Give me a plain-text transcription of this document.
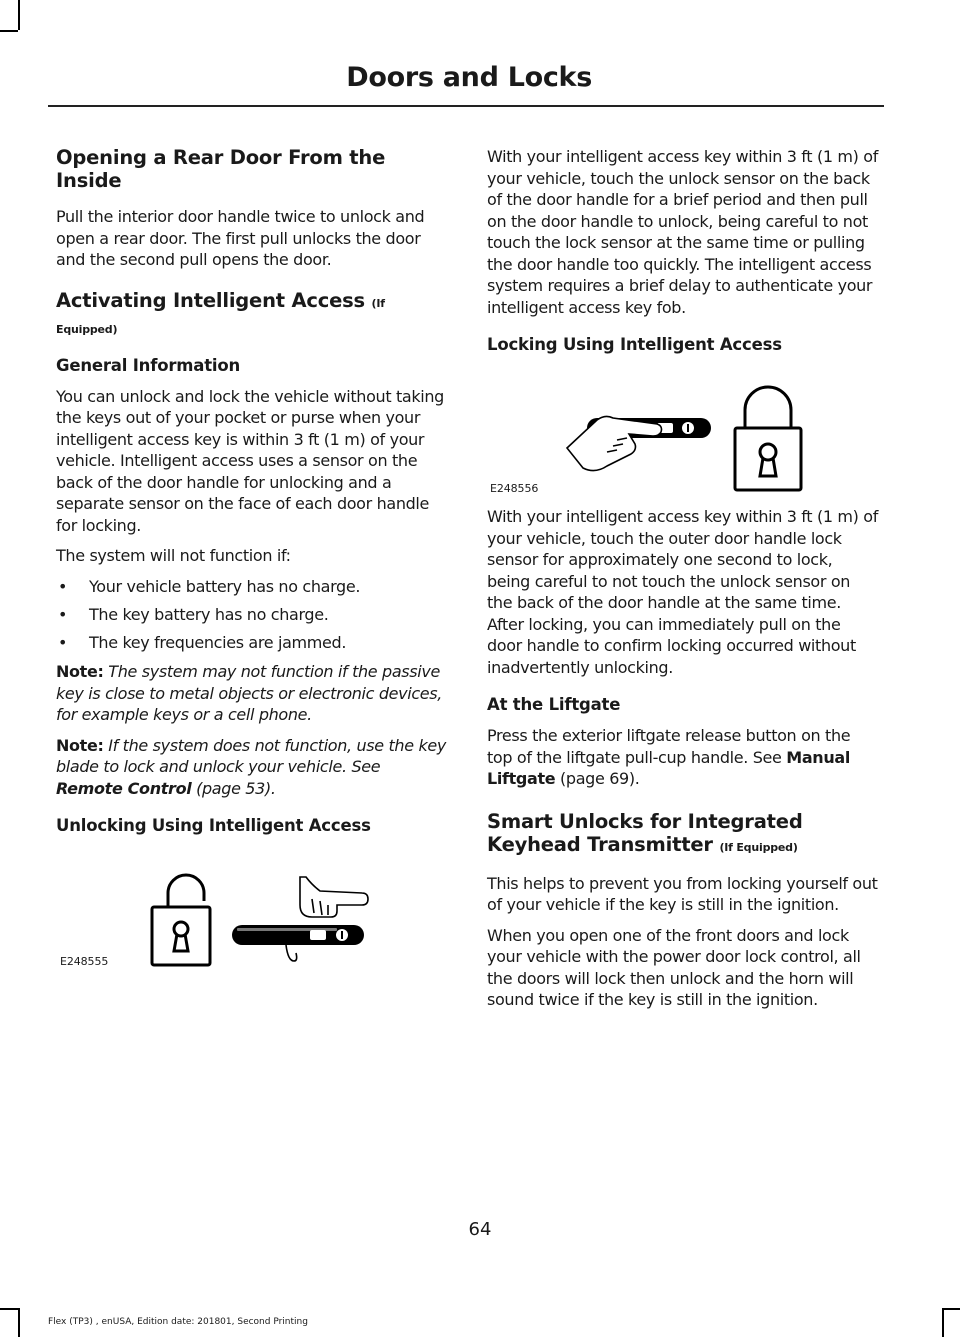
Doors and Locks
Opening a Rear Door From the Inside

Pull the interior door handle twice to unlock and open a rear door. The first pull unlocks the door and the second pull opens the door.

Activating Intelligent Access (If Equipped)
General Information

You can unlock and lock the vehicle without taking the keys out of your pocket or purse when your intelligent access key is within 3 ft (1 m) of your vehicle. Intelligent access uses a sensor on the back of the door handle for unlocking and a separate sensor on the face of each door handle for locking.

The system will not function if:

• Your vehicle battery has no charge.
• The key battery has no charge.
• The key frequencies are jammed.

Note: The system may not function if the passive key is close to metal objects or electronic devices, for example keys or a cell phone.

Note: If the system does not function, use the key blade to lock and unlock your vehicle. See Remote Control (page 53).

Unlocking Using Intelligent Access
E248555

With your intelligent access key within 3 ft (1 m) of your vehicle, touch the unlock sensor on the back of the door handle for a brief period and then pull on the door handle to unlock, being careful to not touch the lock sensor at the same time or pulling the door handle too quickly. The intelligent access system requires a brief delay to authenticate your intelligent access key fob.

Locking Using Intelligent Access
E248556

With your intelligent access key within 3 ft (1 m) of your vehicle, touch the outer door handle lock sensor for approximately one second to lock, being careful to not touch the unlock sensor on the back of the door handle at the same time. After locking, you can immediately pull on the door handle to confirm locking occurred without inadvertently unlocking.

At the Liftgate

Press the exterior liftgate release button on the top of the liftgate pull-cup handle. See Manual Liftgate (page 69).

Smart Unlocks for Integrated Keyhead Transmitter (If Equipped)

This helps to prevent you from locking yourself out of your vehicle if the key is still in the ignition.

When you open one of the front doors and lock your vehicle with the power door lock control, all the doors will lock then unlock and the horn will sound twice if the key is still in the ignition.

64
Flex (TP3) , enUSA, Edition date: 201801, Second Printing
